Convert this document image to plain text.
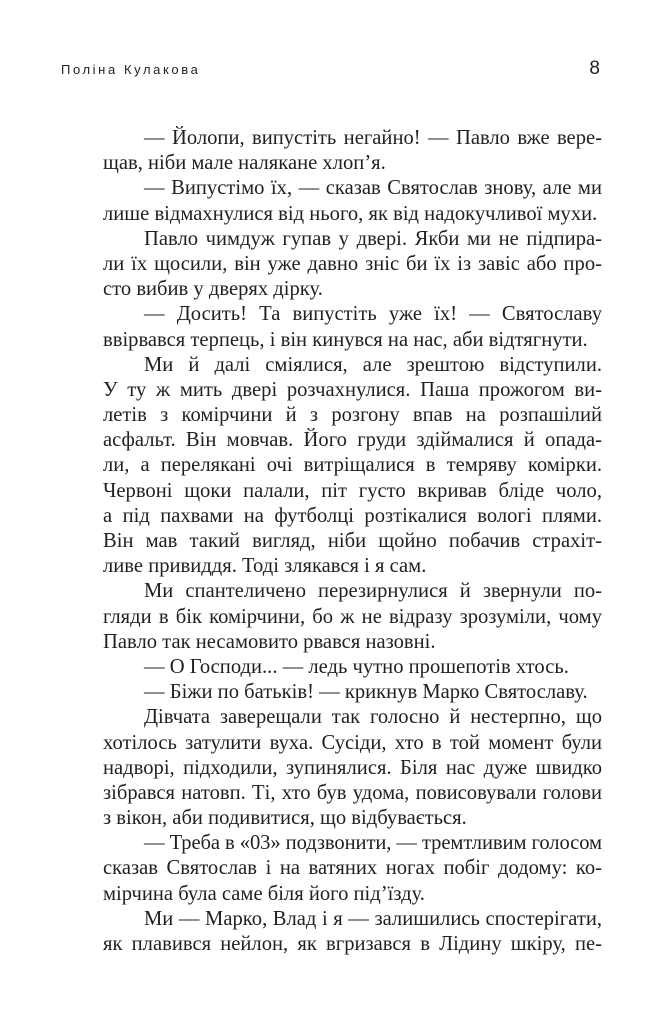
Поліна Кулакова	8
— Йолопи, випустіть негайно! — Павло вже вере-
щав, ніби мале налякане хлоп’я.
— Випустімо їх, — сказав Святослав знову, але ми
лише відмахнулися від нього, як від надокучливої мухи.
Павло чимдуж гупав у двері. Якби ми не підпира-
ли їх щосили, він уже давно зніс би їх із завіс або про-
сто вибив у дверях дірку.
— Досить! Та випустіть уже їх! — Святославу
ввірвався терпець, і він кинувся на нас, аби відтягнути.
Ми й далі сміялися, але зрештою відступили.
У ту ж мить двері розчахнулися. Паша прожогом ви-
летів з комірчини й з розгону впав на розпашілий
асфальт. Він мовчав. Його груди здіймалися й опада-
ли, а перелякані очі витріщалися в темряву комірки.
Червоні щоки палали, піт густо вкривав бліде чоло,
а під пахвами на футболці розтікалися вологі плями.
Він мав такий вигляд, ніби щойно побачив страхіт-
ливе привиддя. Тоді злякався і я сам.
Ми спантеличено перезирнулися й звернули по-
гляди в бік комірчини, бо ж не відразу зрозуміли, чому
Павло так несамовито рвався назовні.
— О Господи... — ледь чутно прошепотів хтось.
— Біжи по батьків! — крикнув Марко Святославу.
Дівчата заверещали так голосно й нестерпно, що
хотілось затулити вуха. Сусіди, хто в той момент були
надворі, підходили, зупинялися. Біля нас дуже швидко
зібрався натовп. Ті, хто був удома, повисовували голови
з вікон, аби подивитися, що відбувається.
— Треба в «03» подзвонити, — тремтливим голосом
сказав Святослав і на ватяних ногах побіг додому: ко-
мірчина була саме біля його під’їзду.
Ми — Марко, Влад і я — залишились спостерігати,
як плавився нейлон, як вгризався в Лідину шкіру, пе-
